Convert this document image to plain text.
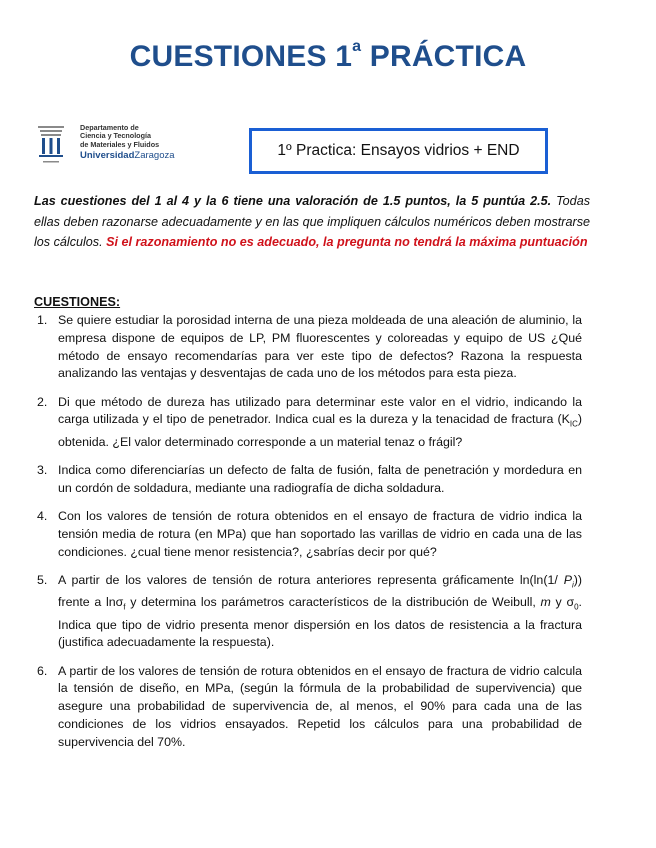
CUESTIONES 1$^a$ PRÁCTICA
Departamento de
Ciencia y Tecnología
de Materiales y Fluidos
UniversidadZaragoza	1º Practica: Ensayos vidrios + END

Las cuestiones del 1 al 4 y la 6 tiene una valoración de 1.5 puntos, la 5 puntúa 2.5. Todas ellas deben razonarse adecuadamente y en las que impliquen cálculos numéricos deben mostrarse los cálculos. Si el razonamiento no es adecuado, la pregunta no tendrá la máxima puntuación

CUESTIONES:

1. Se quiere estudiar la porosidad interna de una pieza moldeada de una aleación de aluminio, la empresa dispone de equipos de LP, PM fluorescentes y coloreadas y equipo de US ¿Qué método de ensayo recomendarías para ver este tipo de defectos? Razona la respuesta analizando las ventajas y desventajas de cada uno de los métodos para esta pieza.
2. Di que método de dureza has utilizado para determinar este valor en el vidrio, indicando la carga utilizada y el tipo de penetrador. Indica cual es la dureza y la tenacidad de fractura $(K_{IC})$ obtenida. ¿El valor determinado corresponde a un material tenaz o frágil?
3. Indica como diferenciarías un defecto de falta de fusión, falta de penetración y mordedura en un cordón de soldadura, mediante una radiografía de dicha soldadura.
4. Con los valores de tensión de rotura obtenidos en el ensayo de fractura de vidrio indica la tensión media de rotura (en MPa) que han soportado las varillas de vidrio en cada una de las condiciones. ¿cual tiene menor resistencia?, ¿sabrías decir por qué?
5. A partir de los valores de tensión de rotura anteriores representa gráficamente ln(ln(1/ $P_i$)) frente a lnσ$_f$ y determina los parámetros característicos de la distribución de Weibull, m y $\sigma_0$. Indica que tipo de vidrio presenta menor dispersión en los datos de resistencia a la fractura (justifica adecuadamente la respuesta).
6. A partir de los valores de tensión de rotura obtenidos en el ensayo de fractura de vidrio calcula la tensión de diseño, en MPa, (según la fórmula de la probabilidad de supervivencia) que asegure una probabilidad de supervivencia de, al menos, el 90% para cada una de las condiciones de los vidrios ensayados. Repetid los cálculos para una probabilidad de supervivencia del 70%.
